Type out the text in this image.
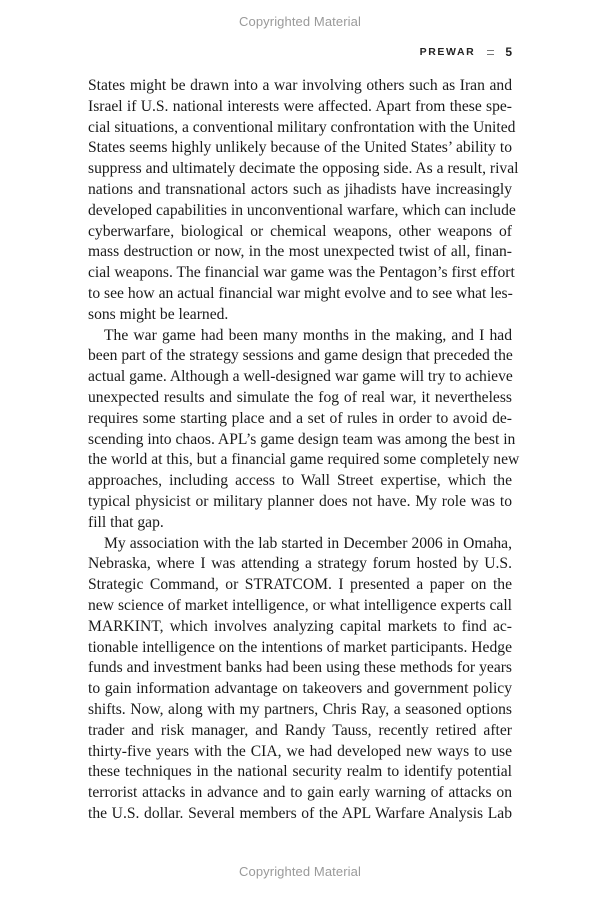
Copyrighted Material
PREWAR	5
States might be drawn into a war involving others such as Iran and
Israel if U.S. national interests were affected. Apart from these spe-
cial situations, a conventional military confrontation with the United
States seems highly unlikely because of the United States’ ability to
suppress and ultimately decimate the opposing side. As a result, rival
nations and transnational actors such as jihadists have increasingly
developed capabilities in unconventional warfare, which can include
cyberwarfare, biological or chemical weapons, other weapons of
mass destruction or now, in the most unexpected twist of all, finan-
cial weapons. The financial war game was the Pentagon’s first effort
to see how an actual financial war might evolve and to see what les-
sons might be learned.
The war game had been many months in the making, and I had
been part of the strategy sessions and game design that preceded the
actual game. Although a well-designed war game will try to achieve
unexpected results and simulate the fog of real war, it nevertheless
requires some starting place and a set of rules in order to avoid de-
scending into chaos. APL’s game design team was among the best in
the world at this, but a financial game required some completely new
approaches, including access to Wall Street expertise, which the
typical physicist or military planner does not have. My role was to
fill that gap.
My association with the lab started in December 2006 in Omaha,
Nebraska, where I was attending a strategy forum hosted by U.S.
Strategic Command, or STRATCOM. I presented a paper on the
new science of market intelligence, or what intelligence experts call
MARKINT, which involves analyzing capital markets to find ac-
tionable intelligence on the intentions of market participants. Hedge
funds and investment banks had been using these methods for years
to gain information advantage on takeovers and government policy
shifts. Now, along with my partners, Chris Ray, a seasoned options
trader and risk manager, and Randy Tauss, recently retired after
thirty-five years with the CIA, we had developed new ways to use
these techniques in the national security realm to identify potential
terrorist attacks in advance and to gain early warning of attacks on
the U.S. dollar. Several members of the APL Warfare Analysis Lab
Copyrighted Material
